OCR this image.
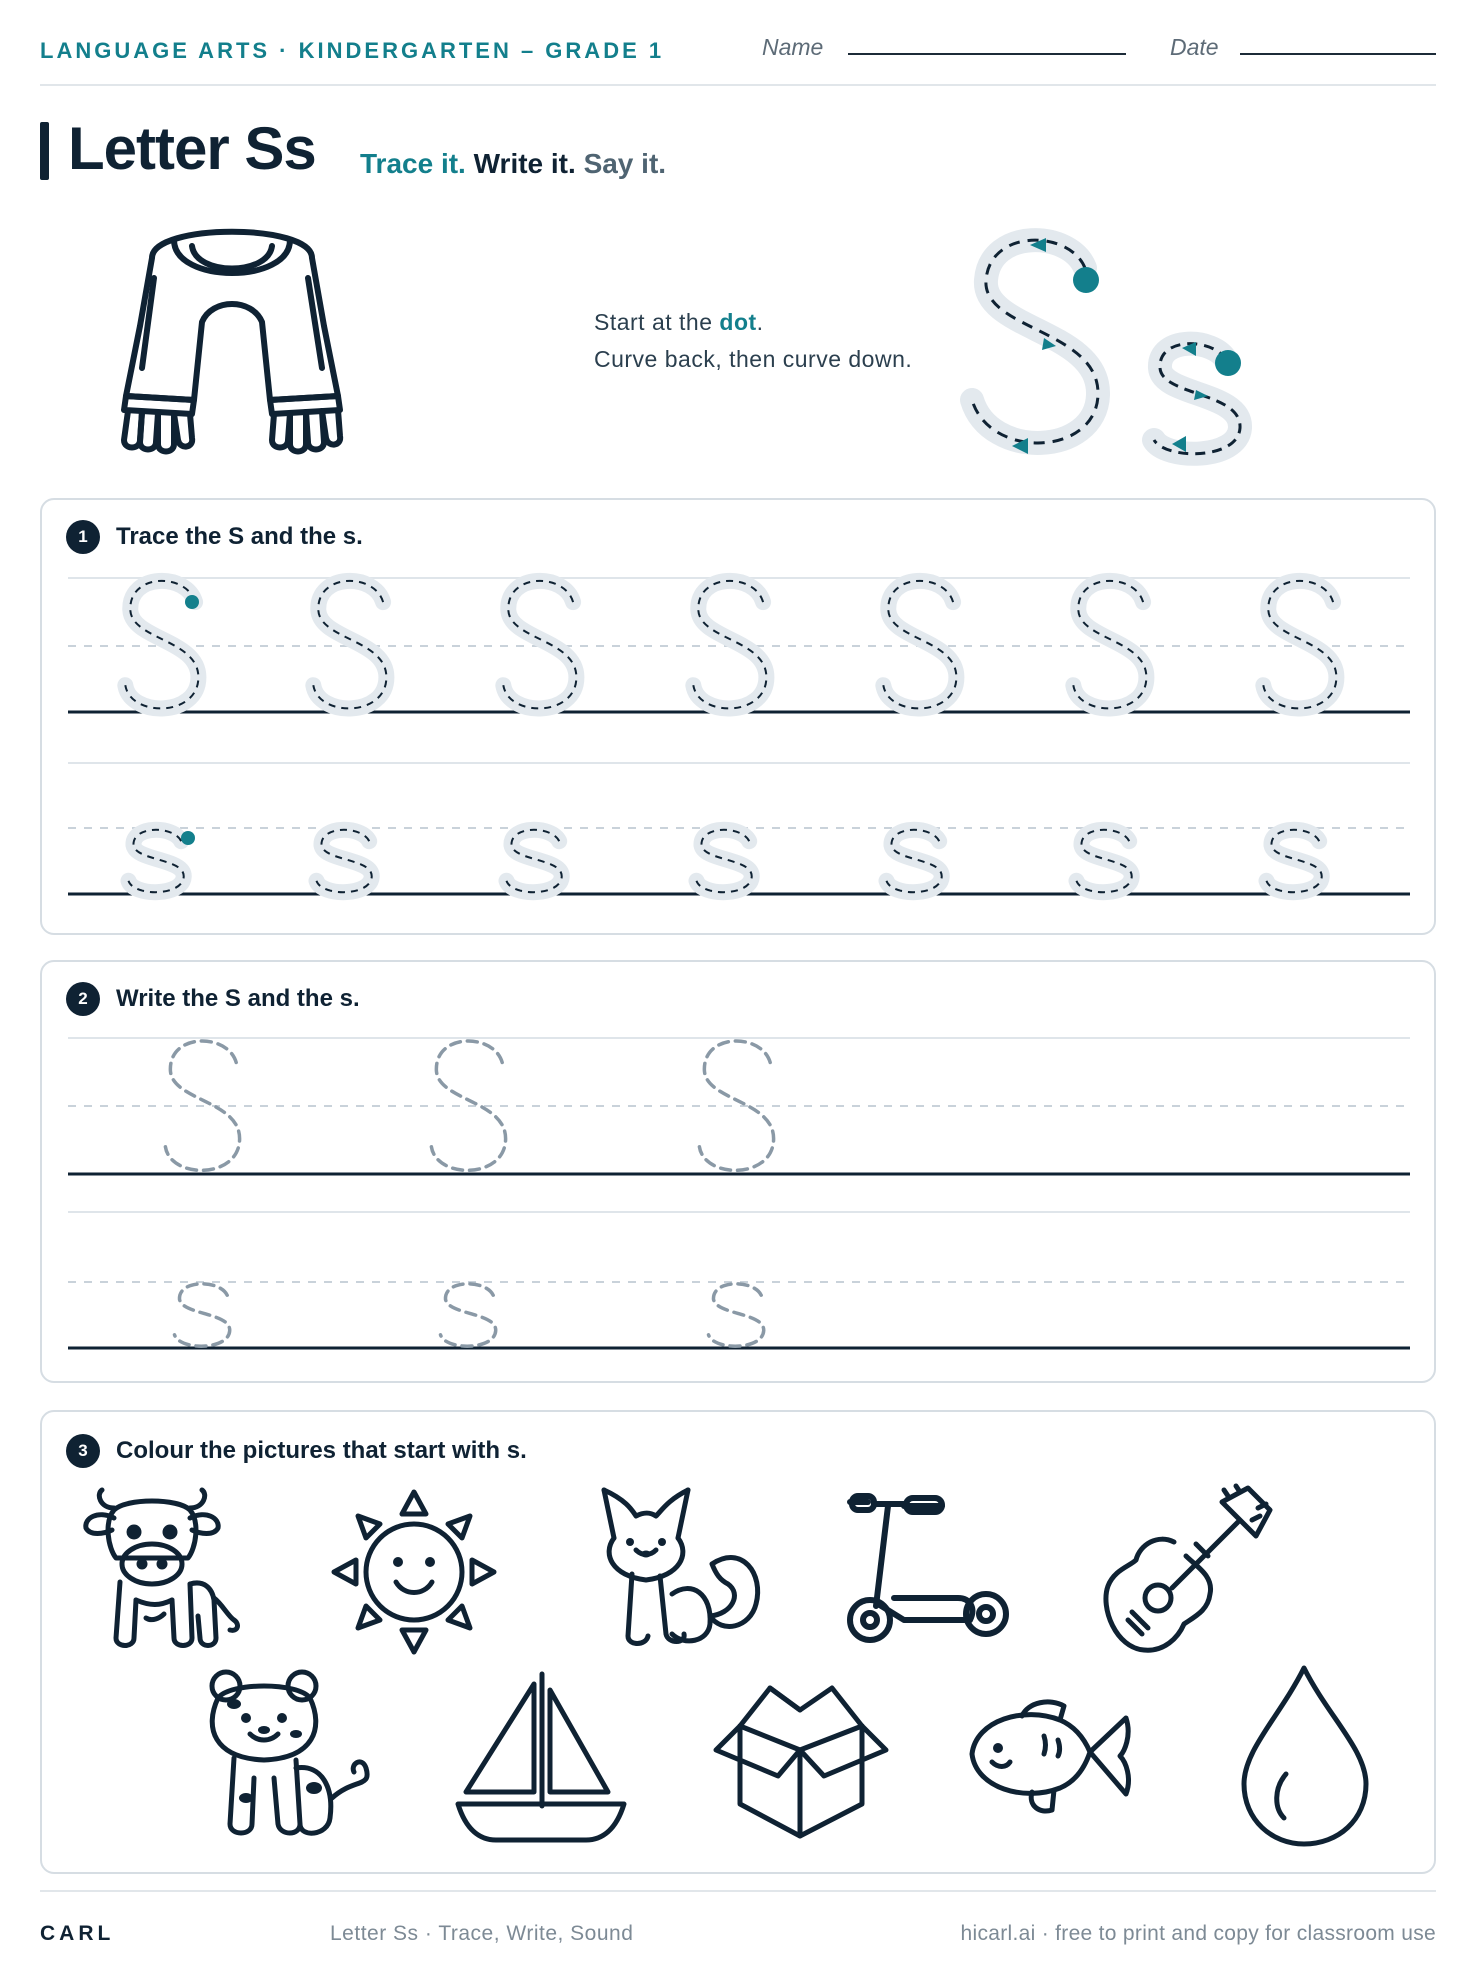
LANGUAGE ARTS · KINDERGARTEN – GRADE 1	Name	Date
Letter Ss Trace it. Write it. Say it.
Start at the dot.
Curve back, then curve down.
1	Trace the S and the s.
2	Write the S and the s.
3	Colour the pictures that start with s.
CARL	Letter Ss · Trace, Write, Sound	hicarl.ai · free to print and copy for classroom use
